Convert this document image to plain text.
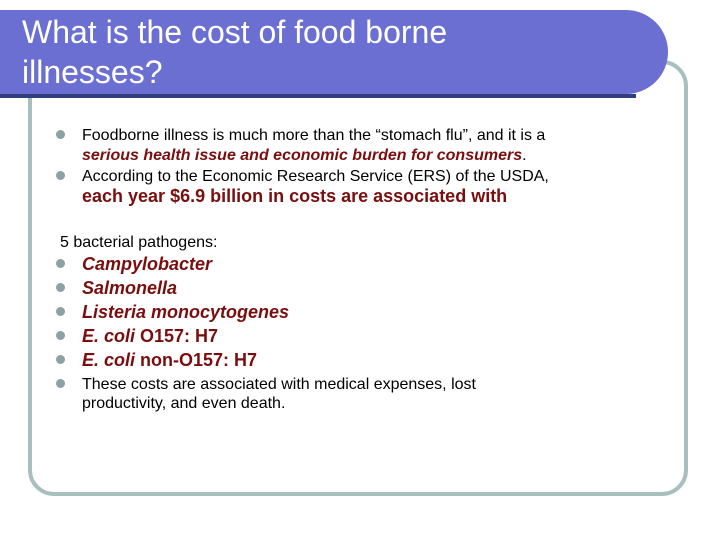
What is the cost of food borne
illnesses?
Foodborne illness is much more than the “stomach flu”, and it is a
serious health issue and economic burden for consumers.
According to the Economic Research Service (ERS) of the USDA,
each year $6.9 billion in costs are associated with
5 bacterial pathogens:
Campylobacter
Salmonella
Listeria monocytogenes
E. coli O157: H7
E. coli non-O157: H7
These costs are associated with medical expenses, lost
productivity, and even death.
